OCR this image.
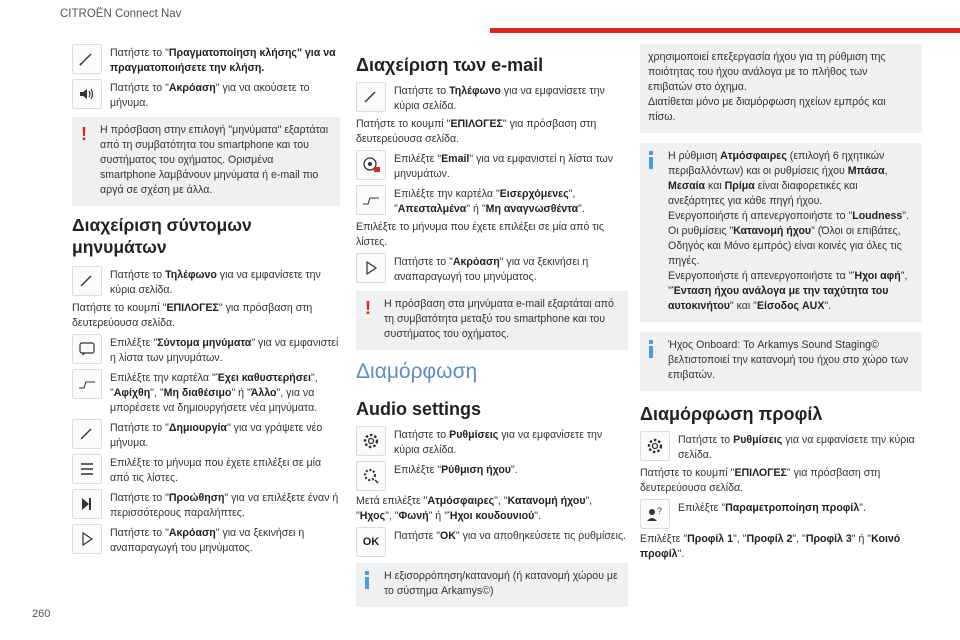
CITROËN Connect Nav
260
Πατήστε το "Πραγματοποίηση κλήσης" για να πραγματοποιήσετε την κλήση.
Πατήστε το "Ακρόαση" για να ακούσετε το μήνυμα.
!	Η πρόσβαση στην επιλογή "μηνύματα" εξαρτάται από τη συμβατότητα του smartphone και του συστήματος του οχήματος. Ορισμένα smartphone λαμβάνουν μηνύματα ή e-mail πιο αργά σε σχέση με άλλα.
Διαχείριση σύντομων μηνυμάτων
Πατήστε το Τηλέφωνο για να εμφανίσετε την κύρια σελίδα.
Πατήστε το κουμπί "ΕΠΙΛΟΓΕΣ" για πρόσβαση στη δευτερεύουσα σελίδα.
Επιλέξτε "Σύντομα μηνύματα" για να εμφανιστεί η λίστα των μηνυμάτων.
Επιλέξτε την καρτέλα "Έχει καθυστερήσει", "Αφίχθη", "Μη διαθέσιμο" ή "Άλλο", για να μπορέσετε να δημιουργήσετε νέα μηνύματα.
Πατήστε το "Δημιουργία" για να γράψετε νέο μήνυμα.
Επιλέξτε το μήνυμα που έχετε επιλέξει σε μία από τις λίστες.
Πατήστε το "Προώθηση" για να επιλέξετε έναν ή περισσότερους παραλήπτες.
Πατήστε το "Ακρόαση" για να ξεκινήσει η αναπαραγωγή του μηνύματος.
Διαχείριση των e-mail
Πατήστε το Τηλέφωνο για να εμφανίσετε την κύρια σελίδα.
Πατήστε το κουμπί "ΕΠΙΛΟΓΕΣ" για πρόσβαση στη δευτερεύουσα σελίδα.
Επιλέξτε "Email" για να εμφανιστεί η λίστα των μηνυμάτων.
Επιλέξτε την καρτέλα "Εισερχόμενες", "Απεσταλμένα" ή "Μη αναγνωσθέντα".
Επιλέξτε το μήνυμα που έχετε επιλέξει σε μία από τις λίστες.
Πατήστε το "Ακρόαση" για να ξεκινήσει η αναπαραγωγή του μηνύματος.
!	Η πρόσβαση στα μηνύματα e-mail εξαρτάται από τη συμβατότητα μεταξύ του smartphone και του συστήματος του οχήματος.
Διαμόρφωση
Audio settings
Πατήστε το Ρυθμίσεις για να εμφανίσετε την κύρια σελίδα.
Επιλέξτε "Ρύθμιση ήχου".
Μετά επιλέξτε "Ατμόσφαιρες", "Κατανομή ήχου", "Ηχος", "Φωνή" ή "Ήχοι κουδουνιού".
OK Πατήστε "OK" για να αποθηκεύσετε τις ρυθμίσεις.
Η εξισορρόπηση/κατανομή (ή κατανομή χώρου με το σύστημα Arkamys©)
χρησιμοποιεί επεξεργασία ήχου για τη ρύθμιση της ποιότητας του ήχου ανάλογα με το πλήθος των επιβατών στο όχημα.
Διατίθεται μόνο με διαμόρφωση ηχείων εμπρός και πίσω.
Η ρύθμιση Ατμόσφαιρες (επιλογή 6 ηχητικών περιβαλλόντων) και οι ρυθμίσεις ήχου Μπάσα, Μεσαία και Πρίμα είναι διαφορετικές και ανεξάρτητες για κάθε πηγή ήχου.
Ενεργοποιήστε ή απενεργοποιήστε το "Loudness".
Οι ρυθμίσεις "Κατανομή ήχου" (Όλοι οι επιβάτες, Οδηγός και Μόνο εμπρός) είναι κοινές για όλες τις πηγές.
Ενεργοποιήστε ή απενεργοποιήστε τα "Ήχοι αφή", "Ένταση ήχου ανάλογα με την ταχύτητα του αυτοκινήτου" και "Είσοδος AUX".
Ήχος Onboard: Το Arkamys Sound Staging© βελτιστοποιεί την κατανομή του ήχου στο χώρο των επιβατών.
Διαμόρφωση προφίλ
Πατήστε το Ρυθμίσεις για να εμφανίσετε την κύρια σελίδα.
Πατήστε το κουμπί "ΕΠΙΛΟΓΕΣ" για πρόσβαση στη δευτερεύουσα σελίδα.
? Επιλέξτε "Παραμετροποίηση προφίλ".
Επιλέξτε "Προφίλ 1", "Προφίλ 2", "Προφίλ 3" ή "Κοινό προφίλ".
